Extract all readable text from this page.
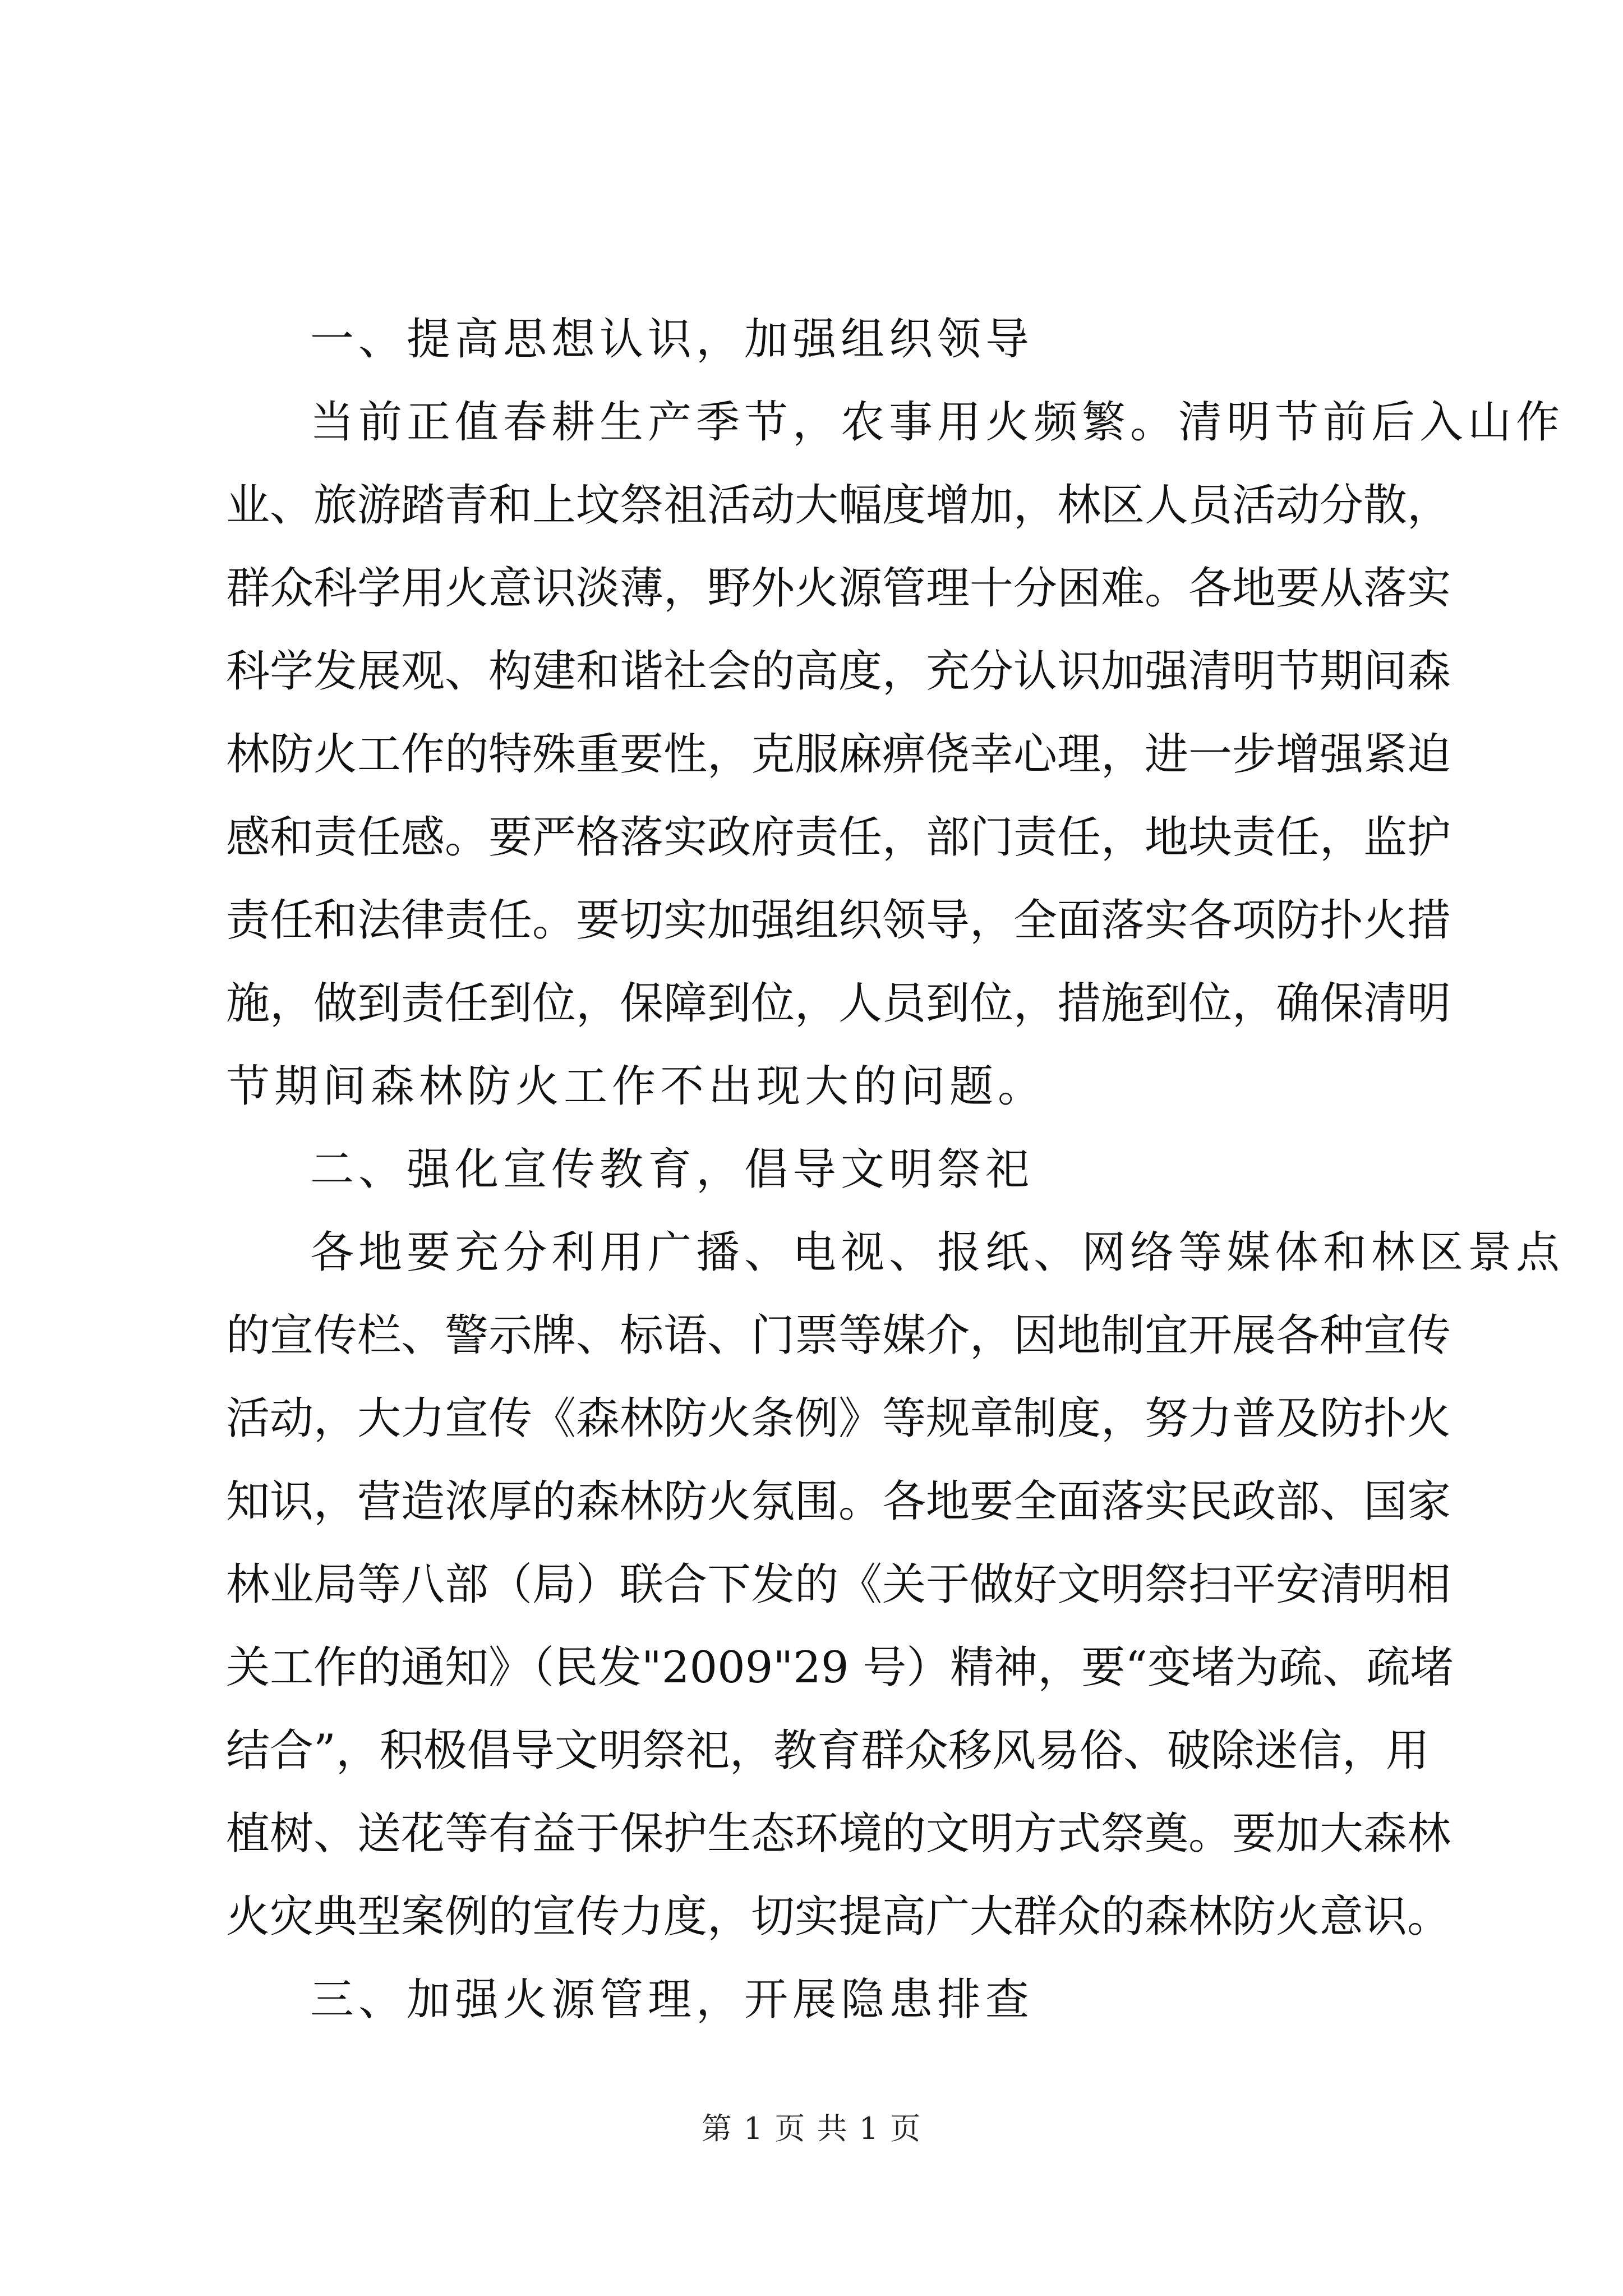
一、提高思想认识，加强组织领导
当前正值春耕生产季节，农事用火频繁。清明节前后入山作
业、旅游踏青和上坟祭祖活动大幅度增加，林区人员活动分散，
群众科学用火意识淡薄，野外火源管理十分困难。各地要从落实
科学发展观、构建和谐社会的高度，充分认识加强清明节期间森
林防火工作的特殊重要性，克服麻痹侥幸心理，进一步增强紧迫
感和责任感。要严格落实政府责任，部门责任，地块责任，监护
责任和法律责任。要切实加强组织领导，全面落实各项防扑火措
施，做到责任到位，保障到位，人员到位，措施到位，确保清明
节期间森林防火工作不出现大的问题。
二、强化宣传教育，倡导文明祭祀
各地要充分利用广播、电视、报纸、网络等媒体和林区景点
的宣传栏、警示牌、标语、门票等媒介，因地制宜开展各种宣传
活动，大力宣传《森林防火条例》等规章制度，努力普及防扑火
知识，营造浓厚的森林防火氛围。各地要全面落实民政部、国家
林业局等八部（局）联合下发的《关于做好文明祭扫平安清明相
关工作的通知》（民发"2009"29 号）精神，要“变堵为疏、疏堵
结合”，积极倡导文明祭祀，教育群众移风易俗、破除迷信，用
植树、送花等有益于保护生态环境的文明方式祭奠。要加大森林
火灾典型案例的宣传力度，切实提高广大群众的森林防火意识。
三、加强火源管理，开展隐患排查
第 1 页 共 1 页
